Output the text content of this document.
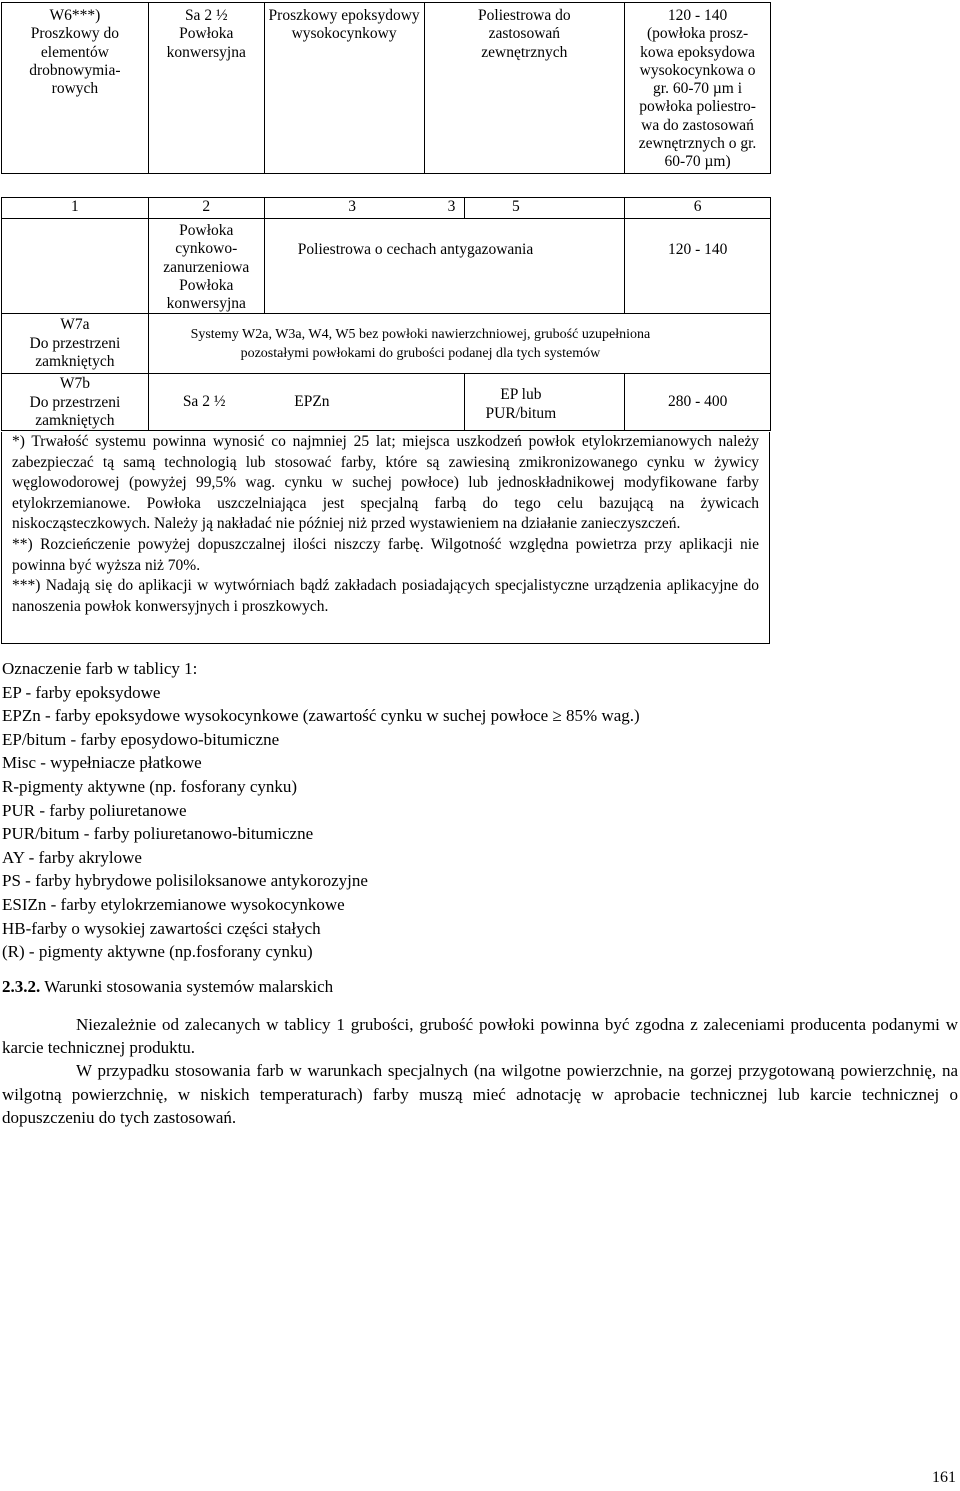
W6***)
Proszkowy do
elementów
drobnowymia-
rowych	Sa 2 ½
Powłoka
konwersyjna	Proszkowy epoksydowy
wysokocynkowy	Poliestrowa do
zastosowań
zewnętrznych	120 - 140
(powłoka prosz-
kowa epoksydowa
wysokocynkowa o
gr. 60-70 µm i
powłoka poliestro-
wa do zastosowań
zewnętrznych o gr.
60-70 µm)
1	2	3	3	5	6
	Powłoka
cynkowo-
zanurzeniowa
Powłoka
konwersyjna	Poliestrowa o cechach antygazowania			120 - 140
W7a
Do przestrzeni
zamkniętych	Systemy W2a, W3a, W4, W5 bez powłoki nawierzchniowej, grubość uzupełniona
pozostałymi powłokami do grubości podanej dla tych systemów				
W7b
Do przestrzeni
zamkniętych	Sa 2 ½	EPZn		EP lub
PUR/bitum	280 - 400

*) Trwałość systemu powinna wynosić co najmniej 25 lat; miejsca uszkodzeń powłok etylokrzemianowych należy zabezpieczać tą samą technologią lub stosować farby, które są zawiesiną zmikronizowanego cynku w żywicy węglowodorowej (powyżej 99,5% wag. cynku w suchej powłoce) lub jednoskładnikowej modyfikowane farby etylokrzemianowe. Powłoka uszczelniająca jest specjalną farbą do tego celu bazującą na żywicach niskocząsteczkowych. Należy ją nakładać nie później niż przed wystawieniem na działanie zanieczyszczeń.

**) Rozcieńczenie powyżej dopuszczalnej ilości niszczy farbę. Wilgotność względna powietrza przy aplikacji nie powinna być wyższa niż 70%.

***) Nadają się do aplikacji w wytwórniach bądź zakładach posiadających specjalistyczne urządzenia aplikacyjne do nanoszenia powłok konwersyjnych i proszkowych.

Oznaczenie farb w tablicy 1:
EP - farby epoksydowe
EPZn - farby epoksydowe wysokocynkowe (zawartość cynku w suchej powłoce ≥ 85% wag.)
EP/bitum - farby eposydowo-bitumiczne
Misc - wypełniacze płatkowe
R-pigmenty aktywne (np. fosforany cynku)
PUR - farby poliuretanowe
PUR/bitum - farby poliuretanowo-bitumiczne
AY - farby akrylowe
PS - farby hybrydowe polisiloksanowe antykorozyjne
ESIZn - farby etylokrzemianowe wysokocynkowe
HB-farby o wysokiej zawartości części stałych
(R) - pigmenty aktywne (np.fosforany cynku)
2.3.2. Warunki stosowania systemów malarskich

Niezależnie od zalecanych w tablicy 1 grubości, grubość powłoki powinna być zgodna z zaleceniami producenta podanymi w karcie technicznej produktu.

W przypadku stosowania farb w warunkach specjalnych (na wilgotne powierzchnie, na gorzej przygotowaną powierzchnię, na wilgotną powierzchnię, w niskich temperaturach) farby muszą mieć adnotację w aprobacie technicznej lub karcie technicznej o dopuszczeniu do tych zastosowań.

161
